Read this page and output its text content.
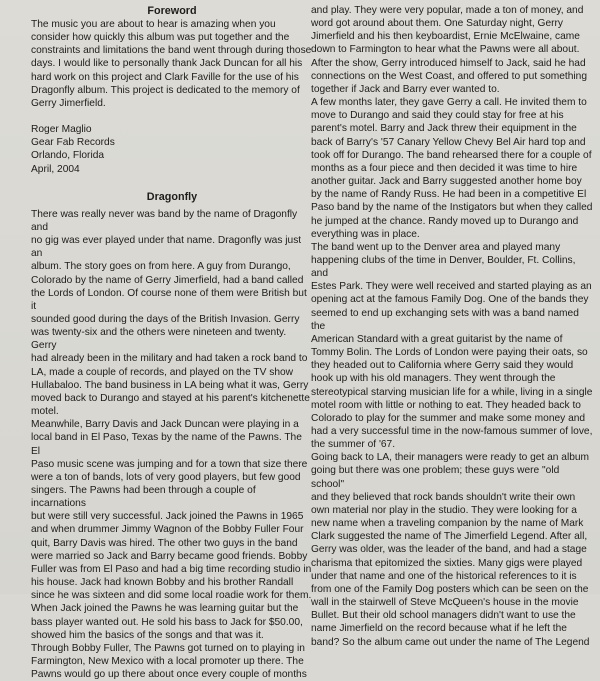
Foreword

The music you are about to hear is amazing when you
consider how quickly this album was put together and the
constraints and limitations the band went through during those
days. I would like to personally thank Jack Duncan for all his
hard work on this project and Clark Faville for the use of his
Dragonfly album. This project is dedicated to the memory of
Gerry Jimerfield.

Roger Maglio
Gear Fab Records
Orlando, Florida
April, 2004

Dragonfly

There was really never was band by the name of Dragonfly and
no gig was ever played under that name. Dragonfly was just an
album. The story goes on from here. A guy from Durango,
Colorado by the name of Gerry Jimerfield, had a band called
the Lords of London. Of course none of them were British but it
sounded good during the days of the British Invasion. Gerry
was twenty-six and the others were nineteen and twenty. Gerry
had already been in the military and had taken a rock band to
LA, made a couple of records, and played on the TV show
Hullabaloo. The band business in LA being what it was, Gerry
moved back to Durango and stayed at his parent's kitchenette
motel.

Meanwhile, Barry Davis and Jack Duncan were playing in a
local band in El Paso, Texas by the name of the Pawns. The El
Paso music scene was jumping and for a town that size there
were a ton of bands, lots of very good players, but few good
singers. The Pawns had been through a couple of incarnations
but were still very successful. Jack joined the Pawns in 1965
and when drummer Jimmy Wagnon of the Bobby Fuller Four
quit, Barry Davis was hired. The other two guys in the band
were married so Jack and Barry became good friends. Bobby
Fuller was from El Paso and had a big time recording studio in
his house. Jack had known Bobby and his brother Randall
since he was sixteen and did some local roadie work for them.
When Jack joined the Pawns he was learning guitar but the
bass player wanted out. He sold his bass to Jack for $50.00,
showed him the basics of the songs and that was it.

Through Bobby Fuller, The Pawns got turned on to playing in
Farmington, New Mexico with a local promoter up there. The
Pawns would go up there about once every couple of months

and play. They were very popular, made a ton of money, and
word got around about them. One Saturday night, Gerry
Jimerfield and his then keyboardist, Ernie McElwaine, came
down to Farmington to hear what the Pawns were all about.
After the show, Gerry introduced himself to Jack, said he had
connections on the West Coast, and offered to put something
together if Jack and Barry ever wanted to.

A few months later, they gave Gerry a call. He invited them to
move to Durango and said they could stay for free at his
parent's motel. Barry and Jack threw their equipment in the
back of Barry's '57 Canary Yellow Chevy Bel Air hard top and
took off for Durango. The band rehearsed there for a couple of
months as a four piece and then decided it was time to hire
another guitar. Jack and Barry suggested another home boy
by the name of Randy Russ. He had been in a competitive El
Paso band by the name of the Instigators but when they called
he jumped at the chance. Randy moved up to Durango and
everything was in place.

The band went up to the Denver area and played many
happening clubs of the time in Denver, Boulder, Ft. Collins, and
Estes Park. They were well received and started playing as an
opening act at the famous Family Dog. One of the bands they
seemed to end up exchanging sets with was a band named the
American Standard with a great guitarist by the name of
Tommy Bolin. The Lords of London were paying their oats, so
they headed out to California where Gerry said they would
hook up with his old managers. They went through the
stereotypical starving musician life for a while, living in a single
motel room with little or nothing to eat. They headed back to
Colorado to play for the summer and make some money and
had a very successful time in the now-famous summer of love,
the summer of '67.

Going back to LA, their managers were ready to get an album
going but there was one problem; these guys were "old school"
and they believed that rock bands shouldn't write their own
own material nor play in the studio. They were looking for a
new name when a traveling companion by the name of Mark
Clark suggested the name of The Jimerfield Legend. After all,
Gerry was older, was the leader of the band, and had a stage
charisma that epitomized the sixties. Many gigs were played
under that name and one of the historical references to it is
from one of the Family Dog posters which can be seen on the
wall in the stairwell of Steve McQueen's house in the movie
Bullet. But their old school managers didn't want to use the
name Jimerfield on the record because what if he left the
band? So the album came out under the name of The Legend
